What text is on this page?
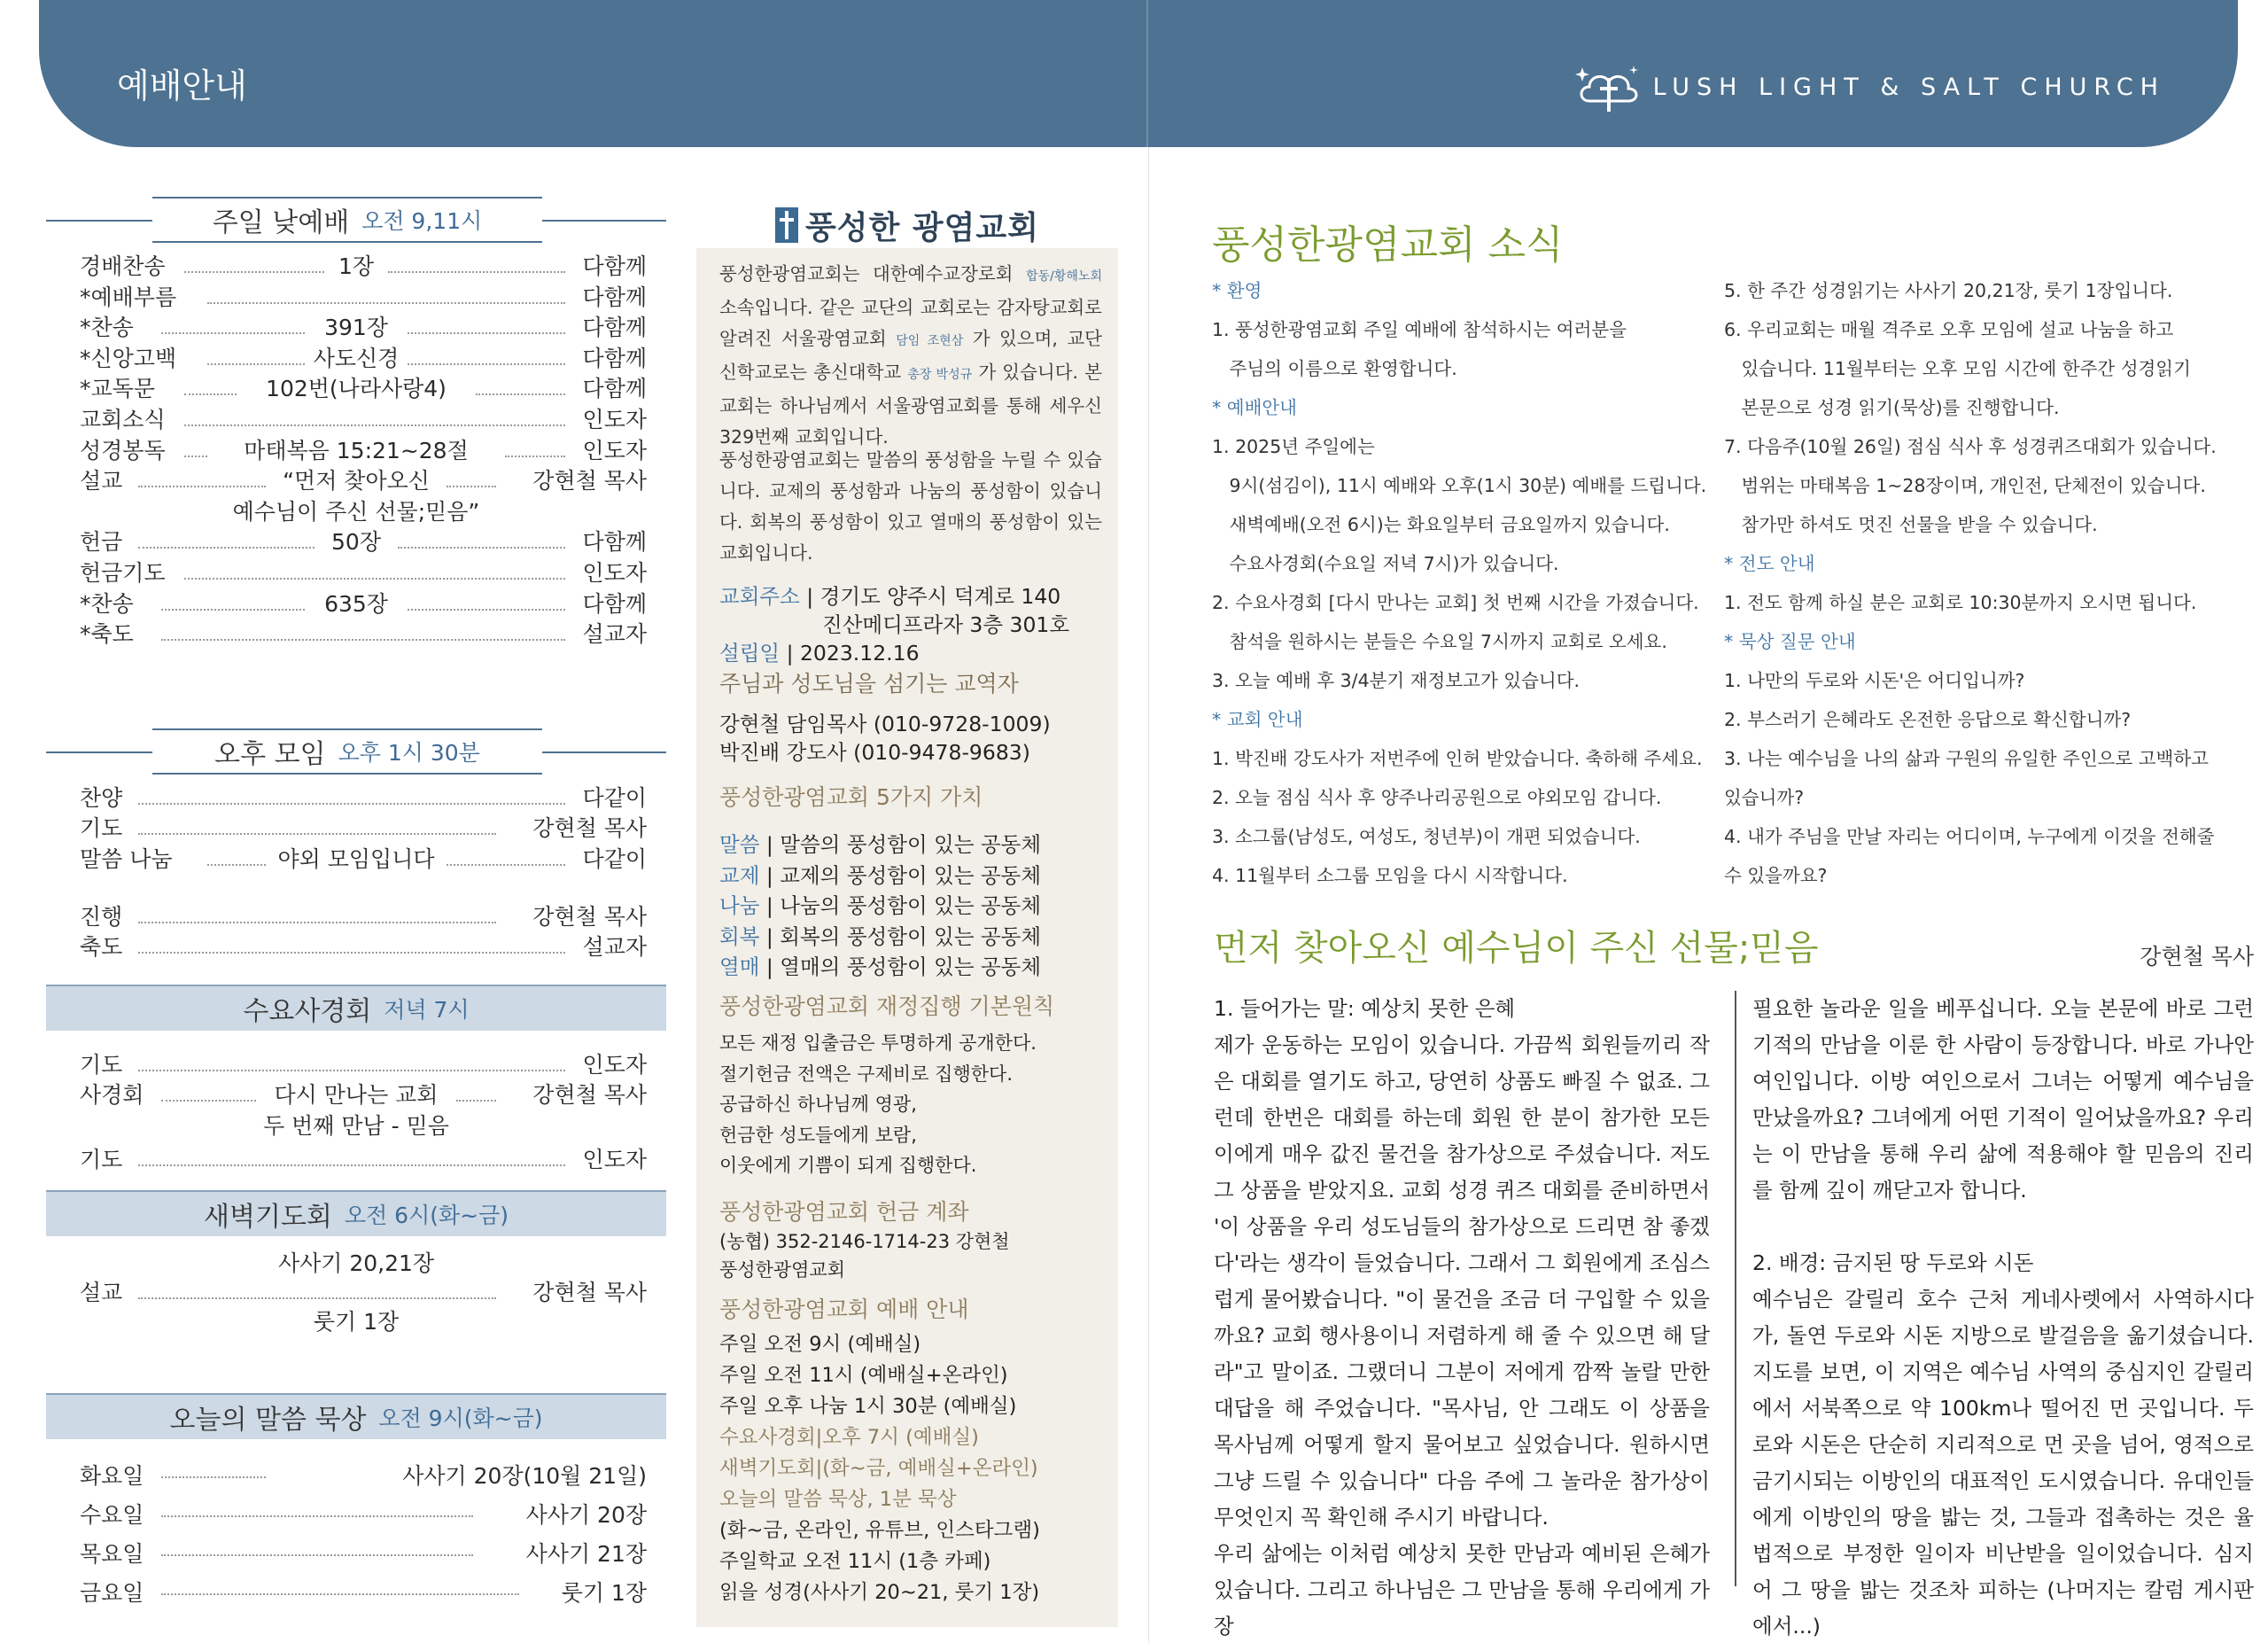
예배안내	LUSH LIGHT & SALT CHURCH
주일 낮예배 오전 9,11시
경배찬송	1장	다함께
*예배부름	다함께
*찬송	391장	다함께
*신앙고백	사도신경	다함께
*교독문	102번(나라사랑4)	다함께
교회소식	인도자
성경봉독	마태복음 15:21~28절	인도자
설교	“먼저 찾아오신	강현철 목사
예수님이 주신 선물;믿음”
헌금	50장	다함께
헌금기도	인도자
*찬송	635장	다함께
*축도	설교자
오후 모임 오후 1시 30분
찬양	다같이
기도	강현철 목사
말씀 나눔	야외 모임입니다	다같이
진행	강현철 목사
축도	설교자
수요사경회 저녁 7시
기도	인도자
사경회	다시 만나는 교회	강현철 목사
두 번째 만남 - 믿음
기도	인도자
새벽기도회 오전 6시(화~금)
사사기 20,21장
설교	강현철 목사
룻기 1장
오늘의 말씀 묵상 오전 9시(화~금)
화요일	사사기 20장(10월 21일)
수요일	사사기 20장
목요일	사사기 21장
금요일	룻기 1장
풍성한 광염교회
풍성한광염교회는 대한예수교장로회 합동/황해노회 소속입니다. 같은 교단의 교회로는 감자탕교회로 알려진 서울광염교회 담임 조현삼 가 있으며, 교단 신학교로는 총신대학교 총장 박성규 가 있습니다. 본 교회는 하나님께서 서울광염교회를 통해 세우신 329번째 교회입니다.
풍성한광염교회는 말씀의 풍성함을 누릴 수 있습니다. 교제의 풍성함과 나눔의 풍성함이 있습니다. 회복의 풍성함이 있고 열매의 풍성함이 있는 교회입니다.
교회주소 | 경기도 양주시 덕계로 140
진산메디프라자 3층 301호
설립일 | 2023.12.16
주님과 성도님을 섬기는 교역자
강현철 담임목사 (010-9728-1009)
박진배 강도사 (010-9478-9683)
풍성한광염교회 5가지 가치
말씀 | 말씀의 풍성함이 있는 공동체
교제 | 교제의 풍성함이 있는 공동체
나눔 | 나눔의 풍성함이 있는 공동체
회복 | 회복의 풍성함이 있는 공동체
열매 | 열매의 풍성함이 있는 공동체
풍성한광염교회 재정집행 기본원칙
모든 재정 입출금은 투명하게 공개한다.
절기헌금 전액은 구제비로 집행한다.
공급하신 하나님께 영광,
헌금한 성도들에게 보람,
이웃에게 기쁨이 되게 집행한다.
풍성한광염교회 헌금 계좌
(농협) 352-2146-1714-23 강현철
풍성한광염교회
풍성한광염교회 예배 안내
주일 오전 9시 (예배실)
주일 오전 11시 (예배실+온라인)
주일 오후 나눔 1시 30분 (예배실)
수요사경회|오후 7시 (예배실)
새벽기도회|(화~금, 예배실+온라인)
오늘의 말씀 묵상, 1분 묵상
(화~금, 온라인, 유튜브, 인스타그램)
주일학교 오전 11시 (1층 카페)
읽을 성경(사사기 20~21, 룻기 1장)
풍성한광염교회 소식
* 환영
1. 풍성한광염교회 주일 예배에 참석하시는 여러분을
주님의 이름으로 환영합니다.
* 예배안내
1. 2025년 주일에는
9시(섬김이), 11시 예배와 오후(1시 30분) 예배를 드립니다.
새벽예배(오전 6시)는 화요일부터 금요일까지 있습니다.
수요사경회(수요일 저녁 7시)가 있습니다.
2. 수요사경회 [다시 만나는 교회] 첫 번째 시간을 가졌습니다.
참석을 원하시는 분들은 수요일 7시까지 교회로 오세요.
3. 오늘 예배 후 3/4분기 재정보고가 있습니다.
* 교회 안내
1. 박진배 강도사가 저번주에 인허 받았습니다. 축하해 주세요.
2. 오늘 점심 식사 후 양주나리공원으로 야외모임 갑니다.
3. 소그룹(남성도, 여성도, 청년부)이 개편 되었습니다.
4. 11월부터 소그룹 모임을 다시 시작합니다.
5. 한 주간 성경읽기는 사사기 20,21장, 룻기 1장입니다.
6. 우리교회는 매월 격주로 오후 모임에 설교 나눔을 하고
있습니다. 11월부터는 오후 모임 시간에 한주간 성경읽기
본문으로 성경 읽기(묵상)를 진행합니다.
7. 다음주(10월 26일) 점심 식사 후 성경퀴즈대회가 있습니다.
범위는 마태복음 1~28장이며, 개인전, 단체전이 있습니다.
참가만 하셔도 멋진 선물을 받을 수 있습니다.
* 전도 안내
1. 전도 함께 하실 분은 교회로 10:30분까지 오시면 됩니다.
* 묵상 질문 안내
1. 나만의 두로와 시돈'은 어디입니까?
2. 부스러기 은혜라도 온전한 응답으로 확신합니까?
3. 나는 예수님을 나의 삶과 구원의 유일한 주인으로 고백하고
있습니까?
4. 내가 주님을 만날 자리는 어디이며, 누구에게 이것을 전해줄
수 있을까요?
먼저 찾아오신 예수님이 주신 선물;믿음	강현철 목사
1. 들어가는 말: 예상치 못한 은혜
제가 운동하는 모임이 있습니다. 가끔씩 회원들끼리 작은 대회를 열기도 하고, 당연히 상품도 빠질 수 없죠. 그런데 한번은 대회를 하는데 회원 한 분이 참가한 모든 이에게 매우 값진 물건을 참가상으로 주셨습니다. 저도 그 상품을 받았지요. 교회 성경 퀴즈 대회를 준비하면서 '이 상품을 우리 성도님들의 참가상으로 드리면 참 좋겠다'라는 생각이 들었습니다. 그래서 그 회원에게 조심스럽게 물어봤습니다. "이 물건을 조금 더 구입할 수 있을까요? 교회 행사용이니 저렴하게 해 줄 수 있으면 해 달라"고 말이죠. 그랬더니 그분이 저에게 깜짝 놀랄 만한 대답을 해 주었습니다. "목사님, 안 그래도 이 상품을 목사님께 어떻게 할지 물어보고 싶었습니다. 원하시면 그냥 드릴 수 있습니다" 다음 주에 그 놀라운 참가상이 무엇인지 꼭 확인해 주시기 바랍니다.
우리 삶에는 이처럼 예상치 못한 만남과 예비된 은혜가 있습니다. 그리고 하나님은 그 만남을 통해 우리에게 가장
필요한 놀라운 일을 베푸십니다. 오늘 본문에 바로 그런 기적의 만남을 이룬 한 사람이 등장합니다. 바로 가나안 여인입니다. 이방 여인으로서 그녀는 어떻게 예수님을 만났을까요? 그녀에게 어떤 기적이 일어났을까요? 우리는 이 만남을 통해 우리 삶에 적용해야 할 믿음의 진리를 함께 깊이 깨닫고자 합니다.
2. 배경: 금지된 땅 두로와 시돈
예수님은 갈릴리 호수 근처 게네사렛에서 사역하시다가, 돌연 두로와 시돈 지방으로 발걸음을 옮기셨습니다. 지도를 보면, 이 지역은 예수님 사역의 중심지인 갈릴리에서 서북쪽으로 약 100km나 떨어진 먼 곳입니다. 두로와 시돈은 단순히 지리적으로 먼 곳을 넘어, 영적으로 금기시되는 이방인의 대표적인 도시였습니다. 유대인들에게 이방인의 땅을 밟는 것, 그들과 접촉하는 것은 율법적으로 부정한 일이자 비난받을 일이었습니다. 심지어 그 땅을 밟는 것조차 피하는 (나머지는 칼럼 게시판에서...)
